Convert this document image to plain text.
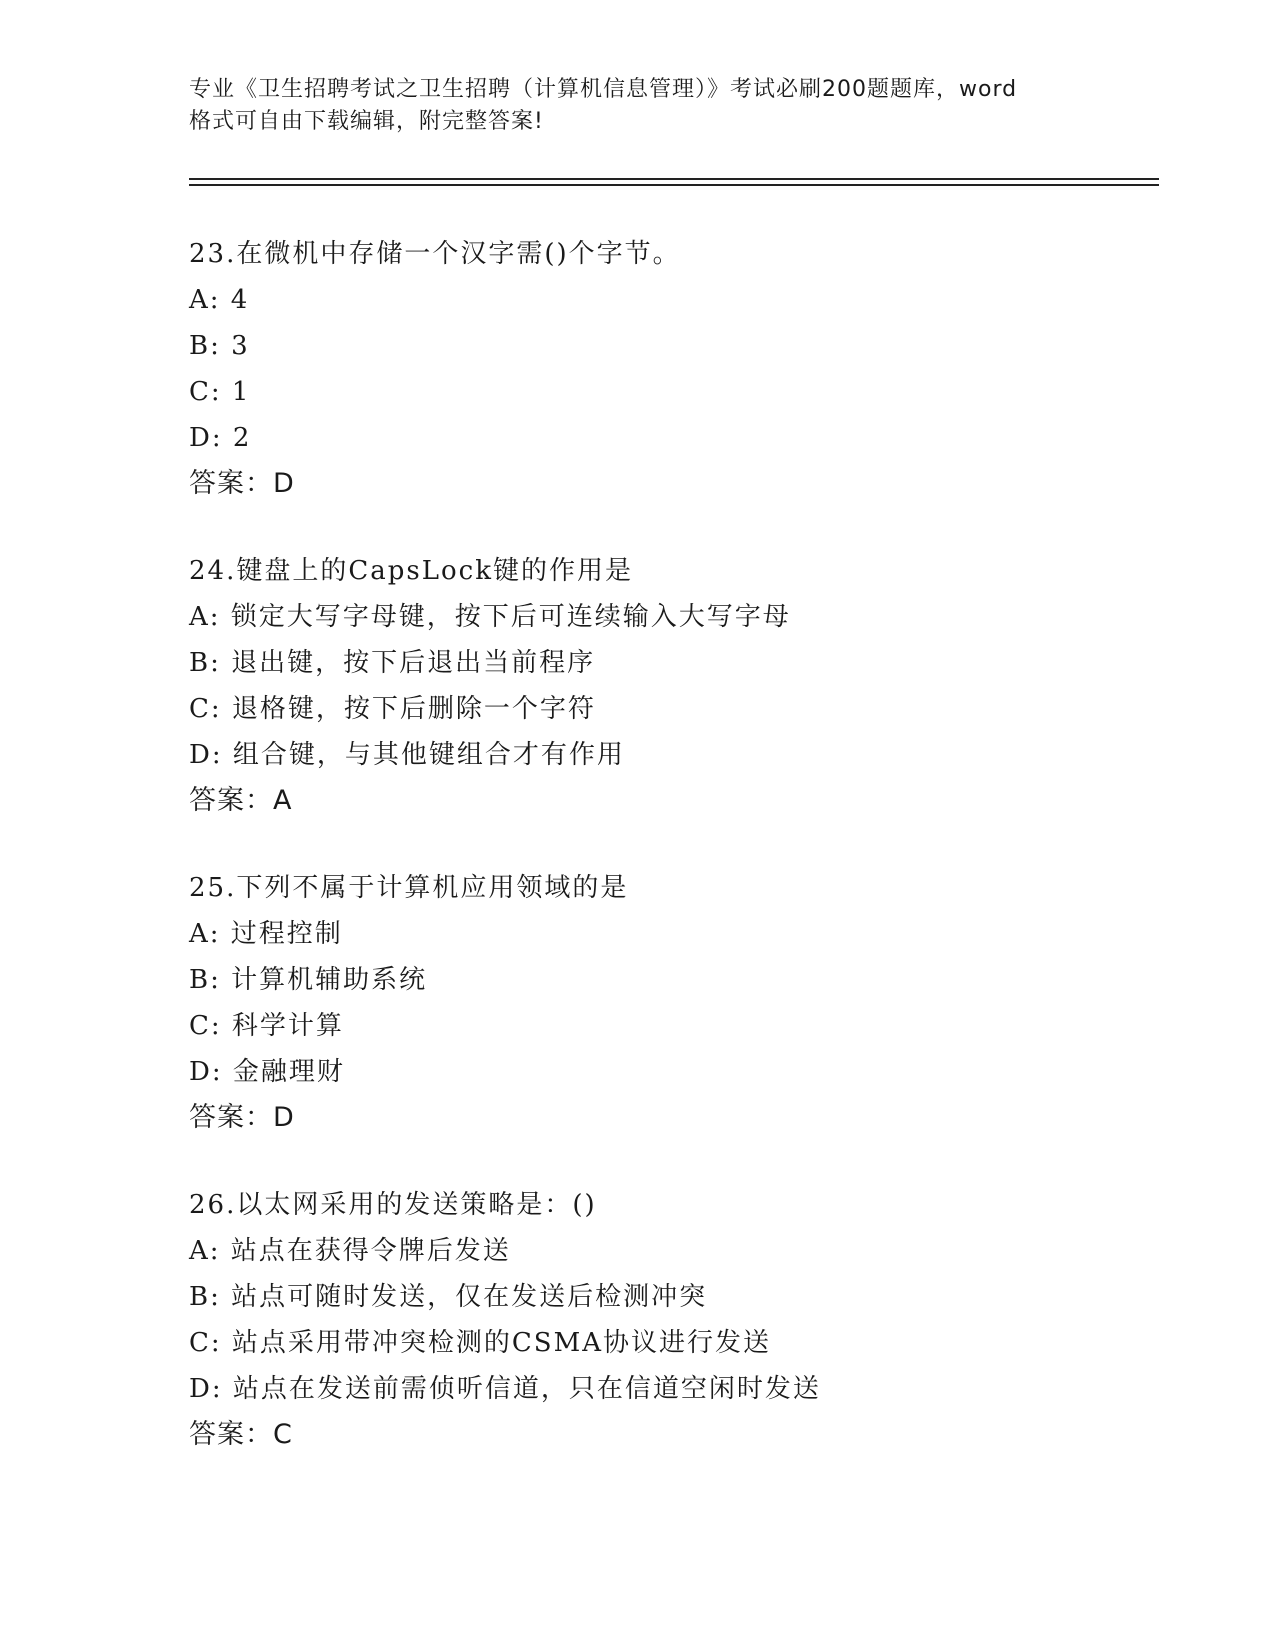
专业《卫生招聘考试之卫生招聘（计算机信息管理）》考试必刷200题题库，word
格式可自由下载编辑，附完整答案!
23.在微机中存储一个汉字需()个字节。
A: 4
B: 3
C: 1
D: 2
答案：D
24.键盘上的CapsLock键的作用是
A: 锁定大写字母键，按下后可连续输入大写字母
B: 退出键，按下后退出当前程序
C: 退格键，按下后删除一个字符
D: 组合键，与其他键组合才有作用
答案：A
25.下列不属于计算机应用领域的是
A: 过程控制
B: 计算机辅助系统
C: 科学计算
D: 金融理财
答案：D
26.以太网采用的发送策略是：()
A: 站点在获得令牌后发送
B: 站点可随时发送，仅在发送后检测冲突
C: 站点采用带冲突检测的CSMA协议进行发送
D: 站点在发送前需侦听信道，只在信道空闲时发送
答案：C
